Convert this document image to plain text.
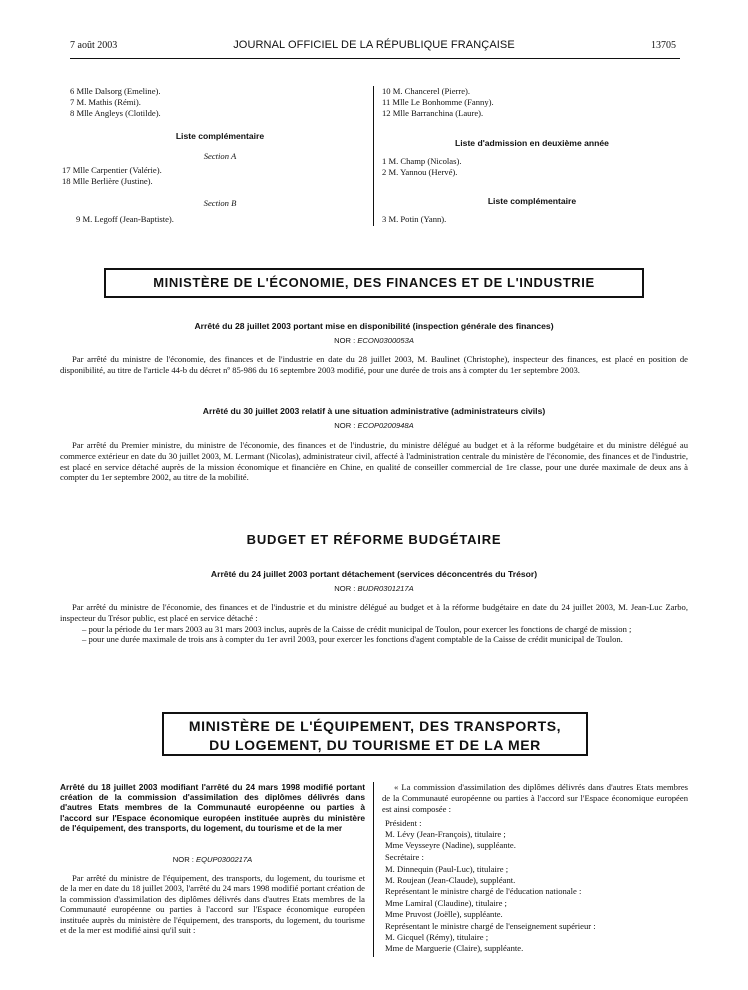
7 août 2003	JOURNAL OFFICIEL DE LA RÉPUBLIQUE FRANÇAISE	13705
6 Mlle Dalsorg (Emeline).
7 M. Mathis (Rémi).
8 Mlle Angleys (Clotilde).
Liste complémentaire
Section A
17 Mlle Carpentier (Valérie).
18 Mlle Berlière (Justine).
Section B
9 M. Legoff (Jean-Baptiste).
10 M. Chancerel (Pierre).
11 Mlle Le Bonhomme (Fanny).
12 Mlle Barranchina (Laure).
Liste d'admission en deuxième année
1 M. Champ (Nicolas).
2 M. Yannou (Hervé).
Liste complémentaire
3 M. Potin (Yann).
MINISTÈRE DE L'ÉCONOMIE, DES FINANCES ET DE L'INDUSTRIE
Arrêté du 28 juillet 2003 portant mise en disponibilité (inspection générale des finances)
NOR : ECON0300053A

Par arrêté du ministre de l'économie, des finances et de l'industrie en date du 28 juillet 2003, M. Baulinet (Christophe), inspecteur des finances, est placé en position de disponibilité, au titre de l'article 44-b du décret nº 85-986 du 16 septembre 2003 modifié, pour une durée de trois ans à compter du 1er septembre 2003.

Arrêté du 30 juillet 2003 relatif à une situation administrative (administrateurs civils)
NOR : ECOP0200948A

Par arrêté du Premier ministre, du ministre de l'économie, des finances et de l'industrie, du ministre délégué au budget et à la réforme budgétaire et du ministre délégué au commerce extérieur en date du 30 juillet 2003, M. Lermant (Nicolas), administrateur civil, affecté à l'administration centrale du ministère de l'économie, des finances et de l'industrie, est placé en service détaché auprès de la mission économique et financière en Chine, en qualité de conseiller commercial de 1re classe, pour une durée maximale de deux ans à compter du 1er septembre 2002, au titre de la mobilité.

BUDGET ET RÉFORME BUDGÉTAIRE
Arrêté du 24 juillet 2003 portant détachement (services déconcentrés du Trésor)
NOR : BUDR0301217A

Par arrêté du ministre de l'économie, des finances et de l'industrie et du ministre délégué au budget et à la réforme budgétaire en date du 24 juillet 2003, M. Jean-Luc Zarbo, inspecteur du Trésor public, est placé en service détaché :

– pour la période du 1er mars 2003 au 31 mars 2003 inclus, auprès de la Caisse de crédit municipal de Toulon, pour exercer les fonctions de chargé de mission ;

– pour une durée maximale de trois ans à compter du 1er avril 2003, pour exercer les fonctions d'agent comptable de la Caisse de crédit municipal de Toulon.

MINISTÈRE DE L'ÉQUIPEMENT, DES TRANSPORTS,
DU LOGEMENT, DU TOURISME ET DE LA MER
Arrêté du 18 juillet 2003 modifiant l'arrêté du 24 mars 1998 modifié portant création de la commission d'assimilation des diplômes délivrés dans d'autres Etats membres de la Communauté européenne ou parties à l'accord sur l'Espace économique européen instituée auprès du ministère de l'équipement, des transports, du logement, du tourisme et de la mer
NOR : EQUP0300217A

Par arrêté du ministre de l'équipement, des transports, du logement, du tourisme et de la mer en date du 18 juillet 2003, l'arrêté du 24 mars 1998 modifié portant création de la commission d'assimilation des diplômes délivrés dans d'autres Etats membres de la Communauté européenne ou parties à l'accord sur l'Espace économique européen instituée auprès du ministère de l'équipement, des transports, du logement, du tourisme et de la mer est modifié ainsi qu'il suit :

« La commission d'assimilation des diplômes délivrés dans d'autres Etats membres de la Communauté européenne ou parties à l'accord sur l'Espace économique européen est ainsi composée :

Président :
M. Lévy (Jean-François), titulaire ;
Mme Veysseyre (Nadine), suppléante.
Secrétaire :
M. Dinnequin (Paul-Luc), titulaire ;
M. Roujean (Jean-Claude), suppléant.
Représentant le ministre chargé de l'éducation nationale :
Mme Lamiral (Claudine), titulaire ;
Mme Pruvost (Joëlle), suppléante.
Représentant le ministre chargé de l'enseignement supérieur :
M. Gicquel (Rémy), titulaire ;
Mme de Marguerie (Claire), suppléante.
